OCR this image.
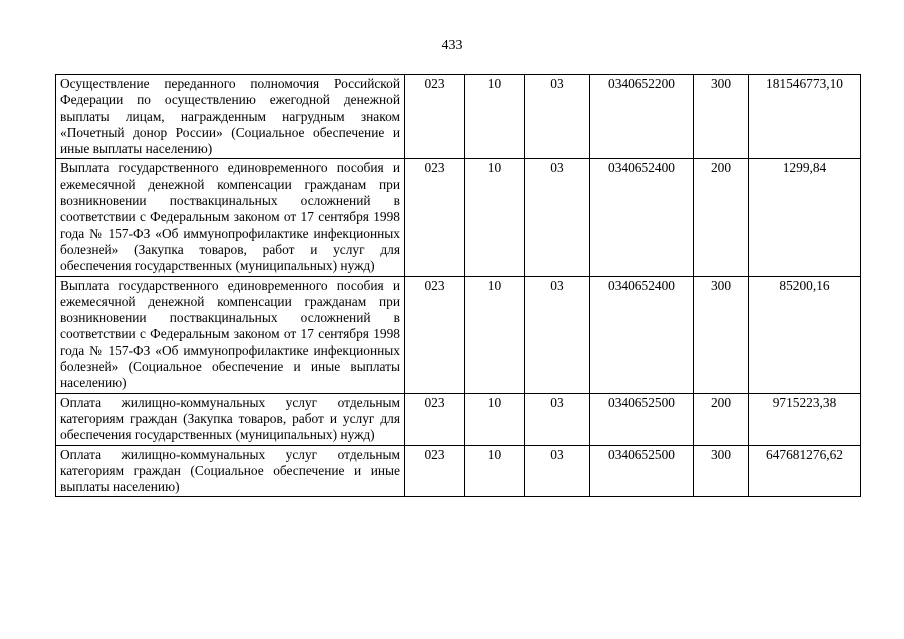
433
Осуществление переданного полномочия Российской Федерации по осуществлению ежегодной денежной выплаты лицам, награжденным нагрудным знаком «Почетный донор России» (Социальное обеспечение и иные выплаты населению)	023	10	03	0340652200	300	181546773,10
Выплата государственного единовременного пособия и ежемесячной денежной компенсации гражданам при возникновении поствакцинальных осложнений в соответствии с Федеральным законом от 17 сентября 1998 года № 157-ФЗ «Об иммунопрофилактике инфекционных болезней» (Закупка товаров, работ и услуг для обеспечения государственных (муниципальных) нужд)	023	10	03	0340652400	200	1299,84
Выплата государственного единовременного пособия и ежемесячной денежной компенсации гражданам при возникновении поствакцинальных осложнений в соответствии с Федеральным законом от 17 сентября 1998 года № 157-ФЗ «Об иммунопрофилактике инфекционных болезней» (Социальное обеспечение и иные выплаты населению)	023	10	03	0340652400	300	85200,16
Оплата жилищно-коммунальных услуг отдельным категориям граждан (Закупка товаров, работ и услуг для обеспечения государственных (муниципальных) нужд)	023	10	03	0340652500	200	9715223,38
Оплата жилищно-коммунальных услуг отдельным категориям граждан (Социальное обеспечение и иные выплаты населению)	023	10	03	0340652500	300	647681276,62
